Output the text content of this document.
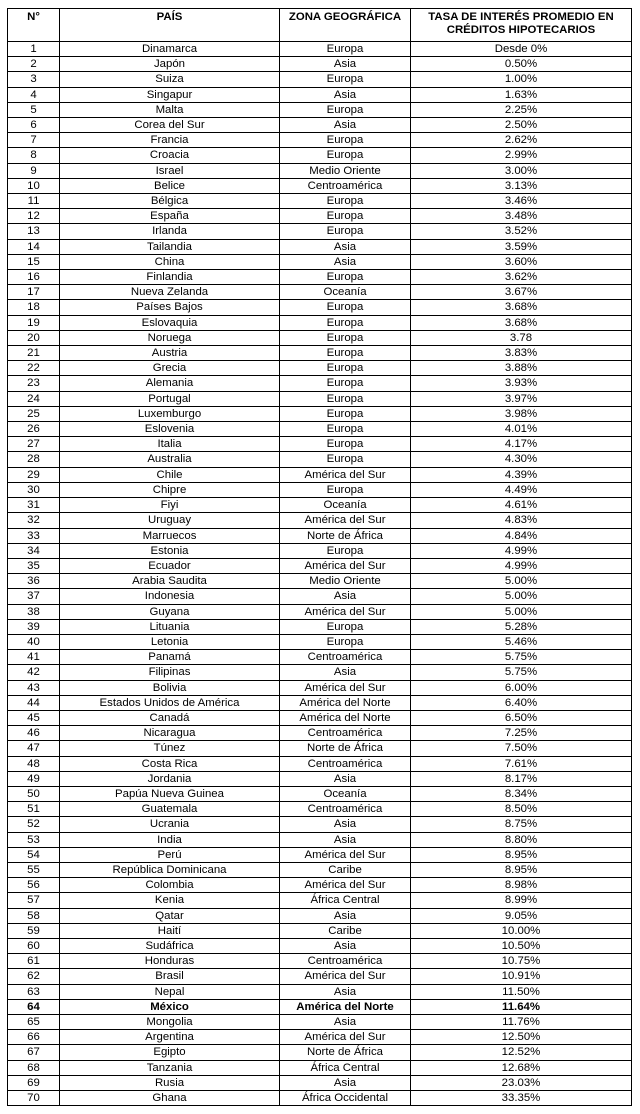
N°	PAÍS	ZONA GEOGRÁFICA	TASA DE INTERÉS PROMEDIO EN CRÉDITOS HIPOTECARIOS
1	Dinamarca	Europa	Desde 0%
2	Japón	Asia	0.50%
3	Suiza	Europa	1.00%
4	Singapur	Asia	1.63%
5	Malta	Europa	2.25%
6	Corea del Sur	Asia	2.50%
7	Francia	Europa	2.62%
8	Croacia	Europa	2.99%
9	Israel	Medio Oriente	3.00%
10	Belice	Centroamérica	3.13%
11	Bélgica	Europa	3.46%
12	España	Europa	3.48%
13	Irlanda	Europa	3.52%
14	Tailandia	Asia	3.59%
15	China	Asia	3.60%
16	Finlandia	Europa	3.62%
17	Nueva Zelanda	Oceanía	3.67%
18	Países Bajos	Europa	3.68%
19	Eslovaquia	Europa	3.68%
20	Noruega	Europa	3.78
21	Austria	Europa	3.83%
22	Grecia	Europa	3.88%
23	Alemania	Europa	3.93%
24	Portugal	Europa	3.97%
25	Luxemburgo	Europa	3.98%
26	Eslovenia	Europa	4.01%
27	Italia	Europa	4.17%
28	Australia	Europa	4.30%
29	Chile	América del Sur	4.39%
30	Chipre	Europa	4.49%
31	Fiyi	Oceanía	4.61%
32	Uruguay	América del Sur	4.83%
33	Marruecos	Norte de África	4.84%
34	Estonia	Europa	4.99%
35	Ecuador	América del Sur	4.99%
36	Arabia Saudita	Medio Oriente	5.00%
37	Indonesia	Asia	5.00%
38	Guyana	América del Sur	5.00%
39	Lituania	Europa	5.28%
40	Letonia	Europa	5.46%
41	Panamá	Centroamérica	5.75%
42	Filipinas	Asia	5.75%
43	Bolivia	América del Sur	6.00%
44	Estados Unidos de América	América del Norte	6.40%
45	Canadá	América del Norte	6.50%
46	Nicaragua	Centroamérica	7.25%
47	Túnez	Norte de África	7.50%
48	Costa Rica	Centroamérica	7.61%
49	Jordania	Asia	8.17%
50	Papúa Nueva Guinea	Oceanía	8.34%
51	Guatemala	Centroamérica	8.50%
52	Ucrania	Asia	8.75%
53	India	Asia	8.80%
54	Perú	América del Sur	8.95%
55	República Dominicana	Caribe	8.95%
56	Colombia	América del Sur	8.98%
57	Kenia	África Central	8.99%
58	Qatar	Asia	9.05%
59	Haití	Caribe	10.00%
60	Sudáfrica	Asia	10.50%
61	Honduras	Centroamérica	10.75%
62	Brasil	América del Sur	10.91%
63	Nepal	Asia	11.50%
64	México	América del Norte	11.64%
65	Mongolia	Asia	11.76%
66	Argentina	América del Sur	12.50%
67	Egipto	Norte de África	12.52%
68	Tanzania	África Central	12.68%
69	Rusia	Asia	23.03%
70	Ghana	África Occidental	33.35%
